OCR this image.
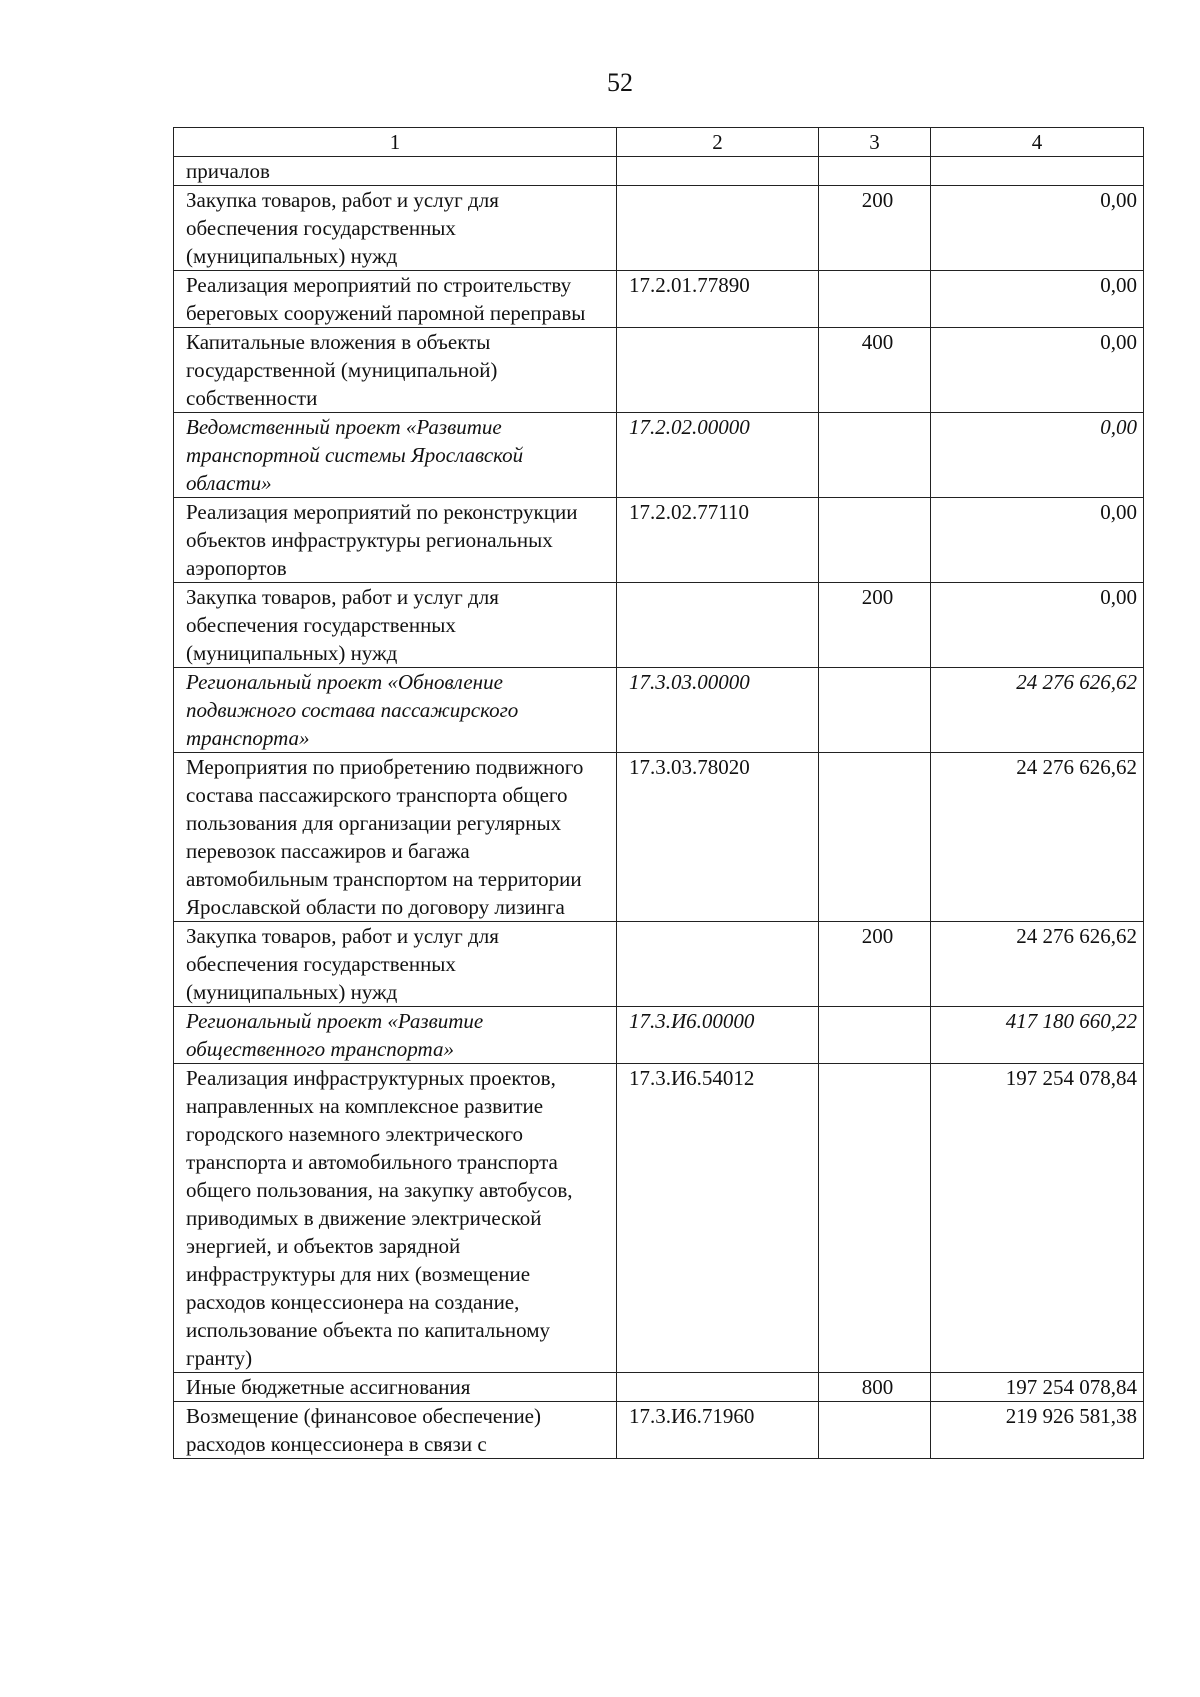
52
1	2	3	4
причалов			
Закупка товаров, работ и услуг для обеспечения государственных (муниципальных) нужд		200	0,00
Реализация мероприятий по строительству береговых сооружений паромной переправы	17.2.01.77890		0,00
Капитальные вложения в объекты государственной (муниципальной) собственности		400	0,00
Ведомственный проект «Развитие транспортной системы Ярославской области»	17.2.02.00000		0,00
Реализация мероприятий по реконструкции объектов инфраструктуры региональных аэропортов	17.2.02.77110		0,00
Закупка товаров, работ и услуг для обеспечения государственных (муниципальных) нужд		200	0,00
Региональный проект «Обновление подвижного состава пассажирского транспорта»	17.3.03.00000		24 276 626,62
Мероприятия по приобретению подвижного состава пассажирского транспорта общего пользования для организации регулярных перевозок пассажиров и багажа автомобильным транспортом на территории Ярославской области по договору лизинга	17.3.03.78020		24 276 626,62
Закупка товаров, работ и услуг для обеспечения государственных (муниципальных) нужд		200	24 276 626,62
Региональный проект «Развитие общественного транспорта»	17.3.И6.00000		417 180 660,22
Реализация инфраструктурных проектов, направленных на комплексное развитие городского наземного электрического транспорта и автомобильного транспорта общего пользования, на закупку автобусов, приводимых в движение электрической энергией, и объектов зарядной инфраструктуры для них (возмещение расходов концессионера на создание, использование объекта по капитальному гранту)	17.3.И6.54012		197 254 078,84
Иные бюджетные ассигнования		800	197 254 078,84
Возмещение (финансовое обеспечение) расходов концессионера в связи с	17.3.И6.71960		219 926 581,38
